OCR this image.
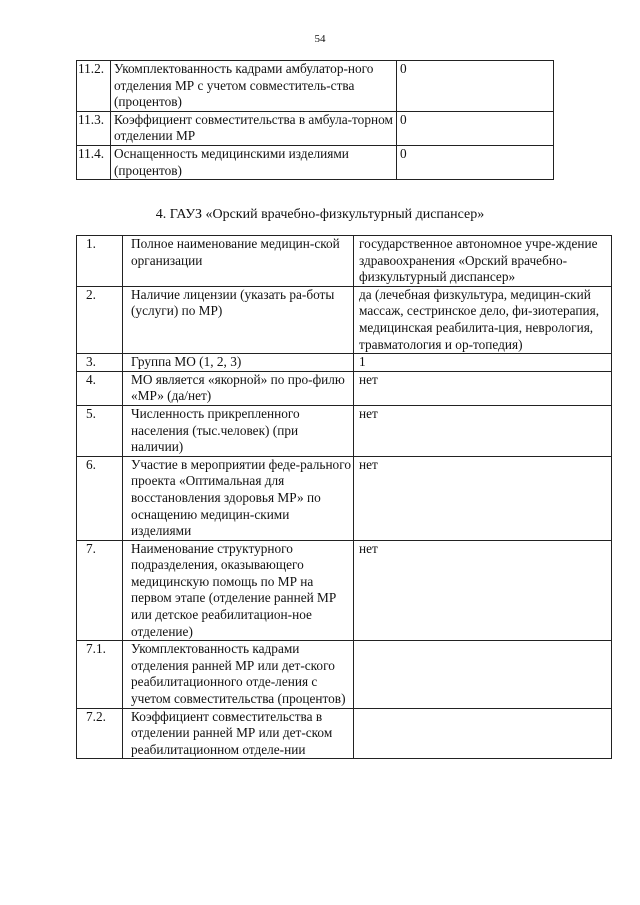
54
11.2.	Укомплектованность кадрами амбулатор-ного отделения МР с учетом совместитель-ства (процентов)	0
11.3.	Коэффициент совместительства в амбула-торном отделении МР	0
11.4.	Оснащенность медицинскими изделиями (процентов)	0
4. ГАУЗ «Орский врачебно-физкультурный диспансер»
1.	Полное наименование медицин-ской организации	государственное автономное учре-ждение здравоохранения «Орский врачебно-физкультурный диспансер»
2.	Наличие лицензии (указать ра-боты (услуги) по МР)	да (лечебная физкультура, медицин-ский массаж, сестринское дело, фи-зиотерапия, медицинская реабилита-ция, неврология, травматология и ор-топедия)
3.	Группа МО (1, 2, 3)	1
4.	МО является «якорной» по про-филю «МР» (да/нет)	нет
5.	Численность прикрепленного населения (тыс.человек) (при наличии)	нет
6.	Участие в мероприятии феде-рального проекта «Оптимальная для восстановления здоровья МР» по оснащению медицин-скими изделиями	нет
7.	Наименование структурного подразделения, оказывающего медицинскую помощь по МР на первом этапе (отделение ранней МР или детское реабилитацион-ное отделение)	нет
7.1.	Укомплектованность кадрами отделения ранней МР или дет-ского реабилитационного отде-ления с учетом совместительства (процентов)	
7.2.	Коэффициент совместительства в отделении ранней МР или дет-ском реабилитационном отделе-нии	
